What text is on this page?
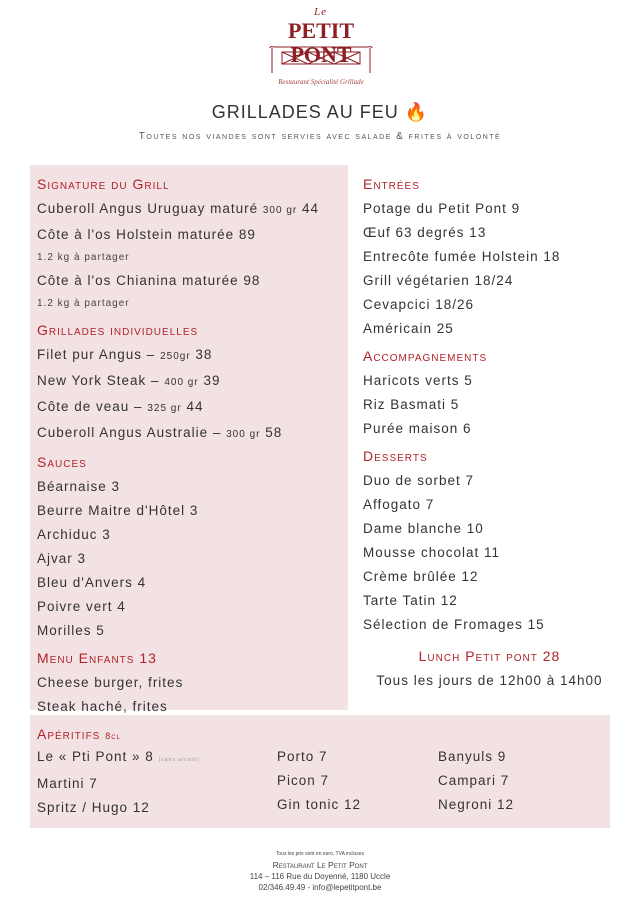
Le
PETIT PONT
Restaurant Spécialité Grillade
GRILLADES AU FEU 🔥
Toutes nos viandes sont servies avec salade & frites à volonté
Signature du Grill
Cuberoll Angus Uruguay maturé 300 gr 44
Côte à l'os Holstein maturée 89
1.2 kg à partager
Côte à l'os Chianina maturée 98
1.2 kg à partager
Grillades individuelles
Filet pur Angus – 250gr 38
New York Steak – 400 gr 39
Côte de veau – 325 gr 44
Cuberoll Angus Australie – 300 gr 58
Sauces
Béarnaise 3
Beurre Maitre d'Hôtel 3
Archiduc 3
Ajvar 3
Bleu d'Anvers 4
Poivre vert 4
Morilles 5
Menu Enfants 13
Cheese burger, frites
Steak haché, frites
Entrées
Potage du Petit Pont 9
Œuf 63 degrés 13
Entrecôte fumée Holstein 18
Grill végétarien 18/24
Cevapcici 18/26
Américain 25
Accompagnements
Haricots verts 5
Riz Basmati 5
Purée maison 6
Desserts
Duo de sorbet 7
Affogato 7
Dame blanche 10
Mousse chocolat 11
Crème brûlée 12
Tarte Tatin 12
Sélection de Fromages 15
Lunch Petit pont 28
Tous les jours de 12h00 à 14h00
Apéritifs 8cl
Le « Pti Pont » 8 (sans alcool)
Martini 7
Spritz / Hugo 12
Porto 7
Picon 7
Gin tonic 12
Banyuls 9
Campari 7
Negroni 12
Tous les prix sont en euro, TVA incluses
Restaurant Le Petit Pont
114 – 116 Rue du Doyenné, 1180 Uccle
02/346.49.49 - info@lepetitpont.be
